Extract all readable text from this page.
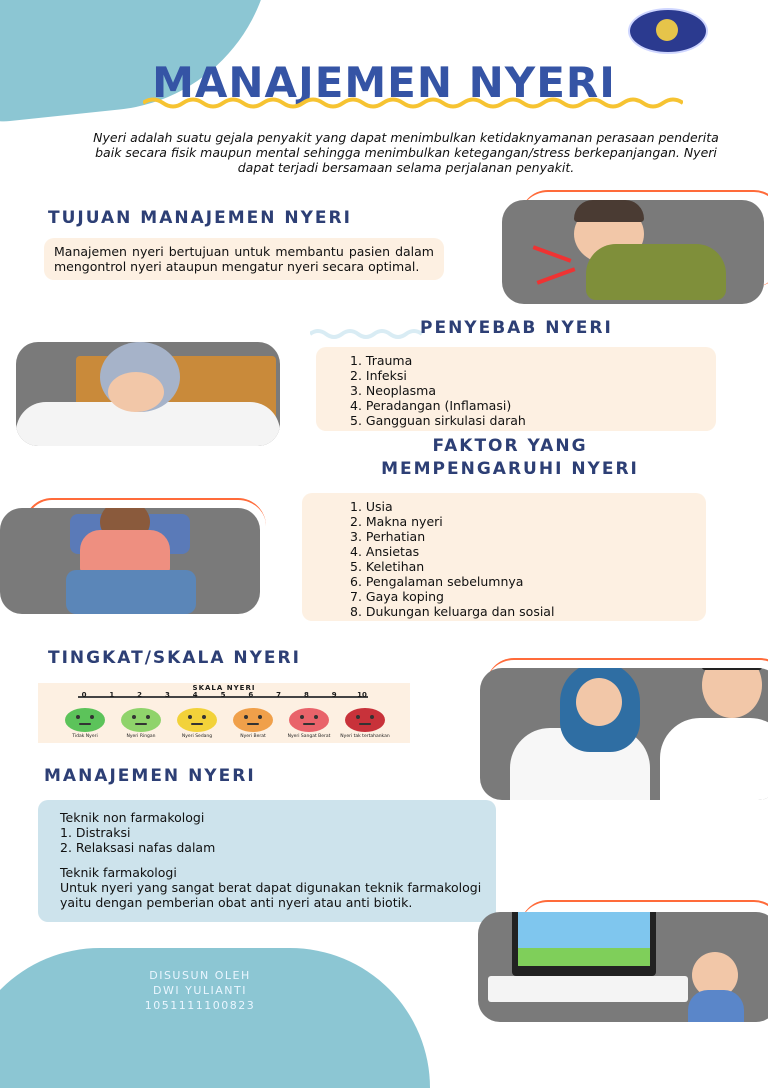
MANAJEMEN NYERI
Nyeri adalah suatu gejala penyakit yang dapat menimbulkan ketidaknyamanan perasaan penderita baik secara fisik maupun mental sehingga menimbulkan ketegangan/stress berkepanjangan. Nyeri dapat terjadi bersamaan selama perjalanan penyakit.
TUJUAN MANAJEMEN NYERI
Manajemen nyeri bertujuan untuk membantu pasien dalam mengontrol nyeri ataupun mengatur nyeri secara optimal.
PENYEBAB NYERI
1. Trauma
2. Infeksi
3. Neoplasma
4. Peradangan (Inflamasi)
5. Gangguan sirkulasi darah
FAKTOR YANG
MEMPENGARUHI NYERI
1. Usia
2. Makna nyeri
3. Perhatian
4. Ansietas
5. Keletihan
6. Pengalaman sebelumnya
7. Gaya koping
8. Dukungan keluarga dan sosial
TINGKAT/SKALA NYERI
SKALA NYERI
0	1	2	3	4	5	6	7	8	9	10
Tidak Nyeri	Nyeri Ringan	Nyeri Sedang	Nyeri Berat	Nyeri Sangat Berat	Nyeri tak tertahankan
MANAJEMEN NYERI
Teknik non farmakologi
1. Distraksi
2. Relaksasi nafas dalam
Teknik farmakologi
Untuk nyeri yang sangat berat dapat digunakan teknik farmakologi yaitu dengan pemberian obat anti nyeri atau anti biotik.
DISUSUN OLEH
DWI YULIANTI
1051111100823
